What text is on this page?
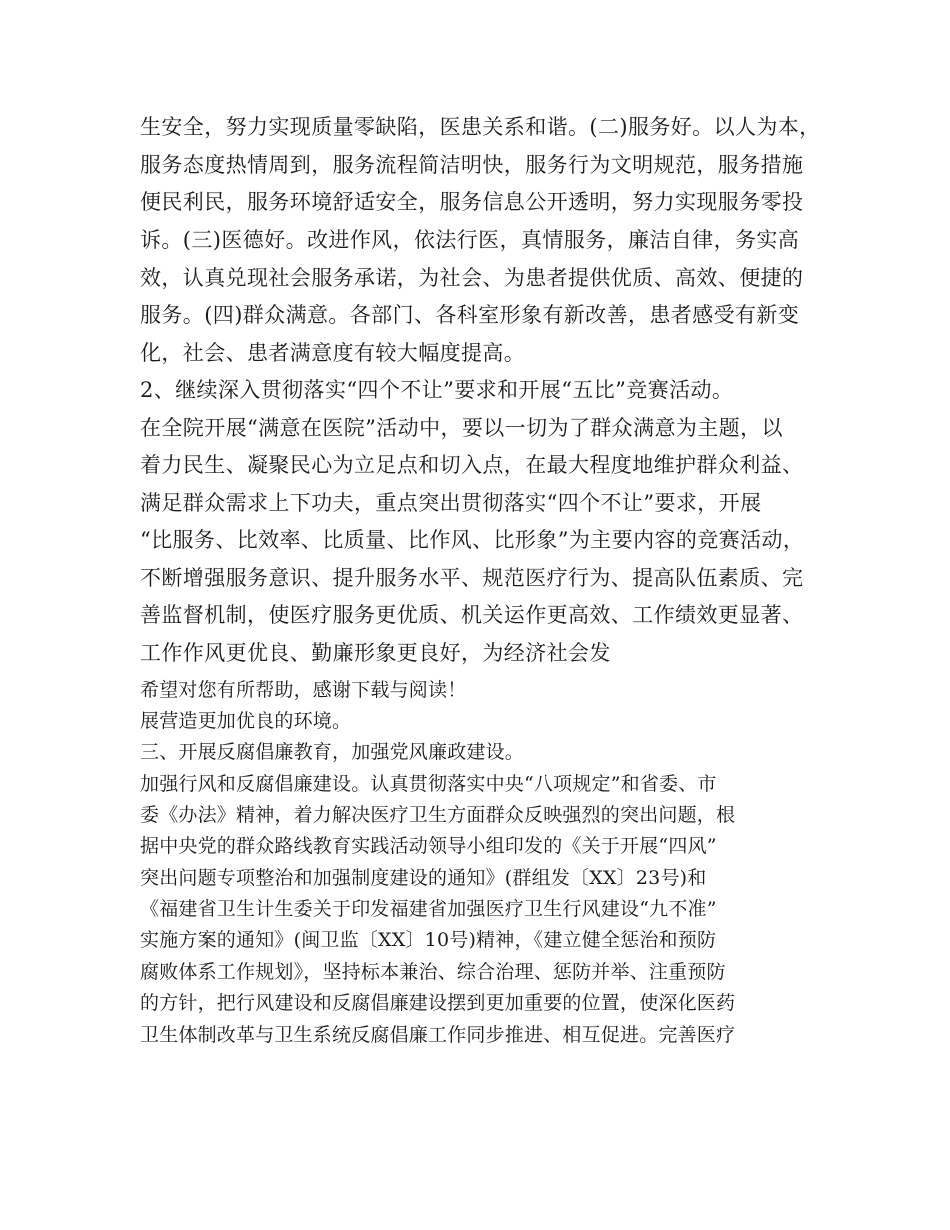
生安全，努力实现质量零缺陷，医患关系和谐。(二)服务好。以人为本，
服务态度热情周到，服务流程简洁明快，服务行为文明规范，服务措施
便民利民，服务环境舒适安全，服务信息公开透明，努力实现服务零投
诉。(三)医德好。改进作风，依法行医，真情服务，廉洁自律，务实高
效，认真兑现社会服务承诺，为社会、为患者提供优质、高效、便捷的
服务。(四)群众满意。各部门、各科室形象有新改善，患者感受有新变
化，社会、患者满意度有较大幅度提高。
2、继续深入贯彻落实“四个不让”要求和开展“五比”竞赛活动。
在全院开展“满意在医院”活动中，要以一切为了群众满意为主题，以
着力民生、凝聚民心为立足点和切入点，在最大程度地维护群众利益、
满足群众需求上下功夫，重点突出贯彻落实“四个不让”要求，开展
“比服务、比效率、比质量、比作风、比形象”为主要内容的竞赛活动，
不断增强服务意识、提升服务水平、规范医疗行为、提高队伍素质、完
善监督机制，使医疗服务更优质、机关运作更高效、工作绩效更显著、
工作作风更优良、勤廉形象更良好，为经济社会发
希望对您有所帮助，感谢下载与阅读！
展营造更加优良的环境。
三、开展反腐倡廉教育，加强党风廉政建设。
加强行风和反腐倡廉建设。认真贯彻落实中央“八项规定”和省委、市
委《办法》精神，着力解决医疗卫生方面群众反映强烈的突出问题，根
据中央党的群众路线教育实践活动领导小组印发的《关于开展“四风”
突出问题专项整治和加强制度建设的通知》(群组发〔XX〕23号)和
《福建省卫生计生委关于印发福建省加强医疗卫生行风建设“九不准”
实施方案的通知》(闽卫监〔XX〕10号)精神，《建立健全惩治和预防
腐败体系工作规划》，坚持标本兼治、综合治理、惩防并举、注重预防
的方针，把行风建设和反腐倡廉建设摆到更加重要的位置，使深化医药
卫生体制改革与卫生系统反腐倡廉工作同步推进、相互促进。完善医疗
